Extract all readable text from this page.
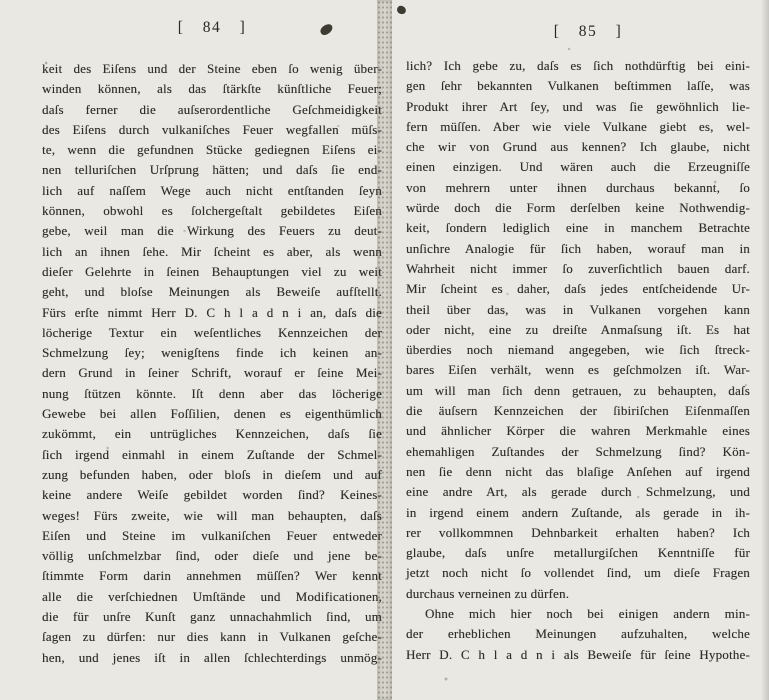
[ 84 ]
keit des Eiſens und der Steine eben ſo wenig über-
winden können, als das ſtärkſte künſtliche Feuer;
daſs ferner die auſserordentliche Geſchmeidigkeit
des Eiſens durch vulkaniſches Feuer wegfallen müſs-
te, wenn die gefundnen Stücke gediegnen Eiſens ei-
nen telluriſchen Urſprung hätten; und daſs ſie end-
lich auf naſſem Wege auch nicht entſtanden ſeyn
können, obwohl es ſolchergeſtalt gebildetes Eiſen
gebe, weil man die Wirkung des Feuers zu deut-
lich an ihnen ſehe. Mir ſcheint es aber, als wenn
dieſer Gelehrte in ſeinen Behauptungen viel zu weit
geht, und bloſse Meinungen als Beweiſe aufſtellt.
Fürs erſte nimmt Herr D. C h l a d n i an, daſs die
löcherige Textur ein weſentliches Kennzeichen der
Schmelzung ſey; wenigſtens finde ich keinen an-
dern Grund in ſeiner Schrift, worauf er ſeine Mei-
nung ſtützen könnte. Iſt denn aber das löcherige
Gewebe bei allen Foſſilien, denen es eigenthümlich
zukömmt, ein untrügliches Kennzeichen, daſs ſie
ſich irgend einmahl in einem Zuſtande der Schmel-
zung befunden haben, oder bloſs in dieſem und auf
keine andere Weiſe gebildet worden ſind? Keines-
weges! Fürs zweite, wie will man behaupten, daſs
Eiſen und Steine im vulkaniſchen Feuer entweder
völlig unſchmelzbar ſind, oder dieſe und jene be-
ſtimmte Form darin annehmen müſſen? Wer kennt
alle die verſchiednen Umſtände und Modificationen,
die für unſre Kunſt ganz unnachahmlich ſind, um
ſagen zu dürfen: nur dies kann in Vulkanen geſche-
hen, und jenes iſt in allen ſchlechterdings unmög-
[ 85 ]
lich? Ich gebe zu, daſs es ſich nothdürftig bei eini-
gen ſehr bekannten Vulkanen beſtimmen laſſe, was
Produkt ihrer Art ſey, und was ſie gewöhnlich lie-
fern müſſen. Aber wie viele Vulkane giebt es, wel-
che wir von Grund aus kennen? Ich glaube, nicht
einen einzigen. Und wären auch die Erzeugniſſe
von mehrern unter ihnen durchaus bekannt, ſo
würde doch die Form derſelben keine Nothwendig-
keit, ſondern lediglich eine in manchem Betrachte
unſichre Analogie für ſich haben, worauf man in
Wahrheit nicht immer ſo zuverſichtlich bauen darf.
Mir ſcheint es daher, daſs jedes entſcheidende Ur-
theil über das, was in Vulkanen vorgehen kann
oder nicht, eine zu dreiſte Anmaſsung iſt. Es hat
überdies noch niemand angegeben, wie ſich ſtreck-
bares Eiſen verhält, wenn es geſchmolzen iſt. War-
um will man ſich denn getrauen, zu behaupten, daſs
die äuſsern Kennzeichen der ſibiriſchen Eiſenmaſſen
und ähnlicher Körper die wahren Merkmahle eines
ehemahligen Zuſtandes der Schmelzung ſind? Kön-
nen ſie denn nicht das blaſige Anſehen auf irgend
eine andre Art, als gerade durch Schmelzung, und
in irgend einem andern Zuſtande, als gerade in ih-
rer vollkommnen Dehnbarkeit erhalten haben? Ich
glaube, daſs unſre metallurgiſchen Kenntniſſe für
jetzt noch nicht ſo vollendet ſind, um dieſe Fragen
durchaus verneinen zu dürfen.
Ohne mich hier noch bei einigen andern min-
der erheblichen Meinungen aufzuhalten, welche
Herr D. C h l a d n i als Beweiſe für ſeine Hypothe-
